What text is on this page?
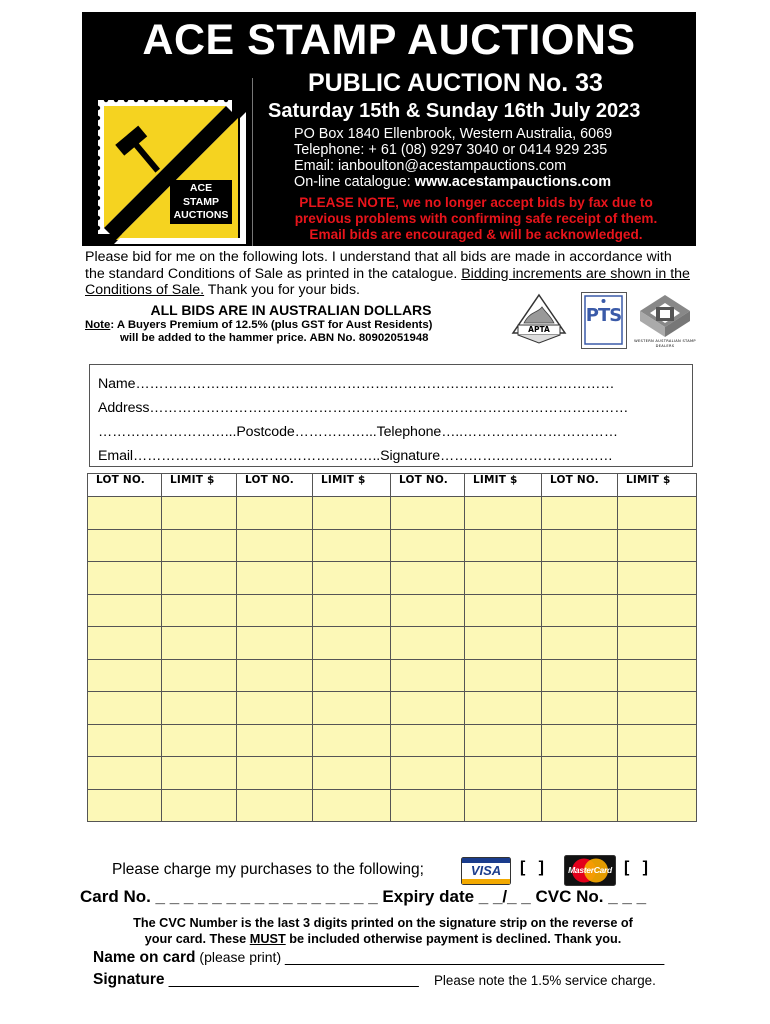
ACE STAMP AUCTIONS
ACE
STAMP
AUCTIONS
PUBLIC AUCTION No. 33
Saturday 15th & Sunday 16th July 2023
PO Box 1840 Ellenbrook, Western Australia, 6069
Telephone: + 61 (08) 9297 3040 or 0414 929 235
Email: ianboulton@acestampauctions.com
On-line catalogue: www.acestampauctions.com
PLEASE NOTE, we no longer accept bids by fax due to
previous problems with confirming safe receipt of them.
Email bids are encouraged & will be acknowledged.
Please bid for me on the following lots. I understand that all bids are made in accordance with the standard Conditions of Sale as printed in the catalogue. Bidding increments are shown in the Conditions of Sale. Thank you for your bids.
ALL BIDS ARE IN AUSTRALIAN DOLLARS
Note: A Buyers Premium of 12.5% (plus GST for Aust Residents)
will be added to the hammer price. ABN No. 80902051948
APTA
PTS
WESTERN AUSTRALIAN STAMP DEALERS
Name…………………………………………………………………………………………
Address…………………………………………………………………………………………
………………………...Postcode……………...Telephone…..……………………………
Email……………………………………………..Signature………….……………………
LOT NO.	LIMIT $	LOT NO.	LIMIT $	LOT NO.	LIMIT $	LOT NO.	LIMIT $

Please charge my purchases to the following;	VISA	[   ]	MasterCard [   ]
Card No. _ _ _ _ _ _ _ _ _ _ _ _ _ _ _ _ Expiry date _ _/_ _ CVC No. _ _ _
The CVC Number is the last 3 digits printed on the signature strip on the reverse of
your card. These MUST be included otherwise payment is declined. Thank you.
Name on card (please print) ____________________________________________
Signature _____________________________ Please note the 1.5% service charge.
